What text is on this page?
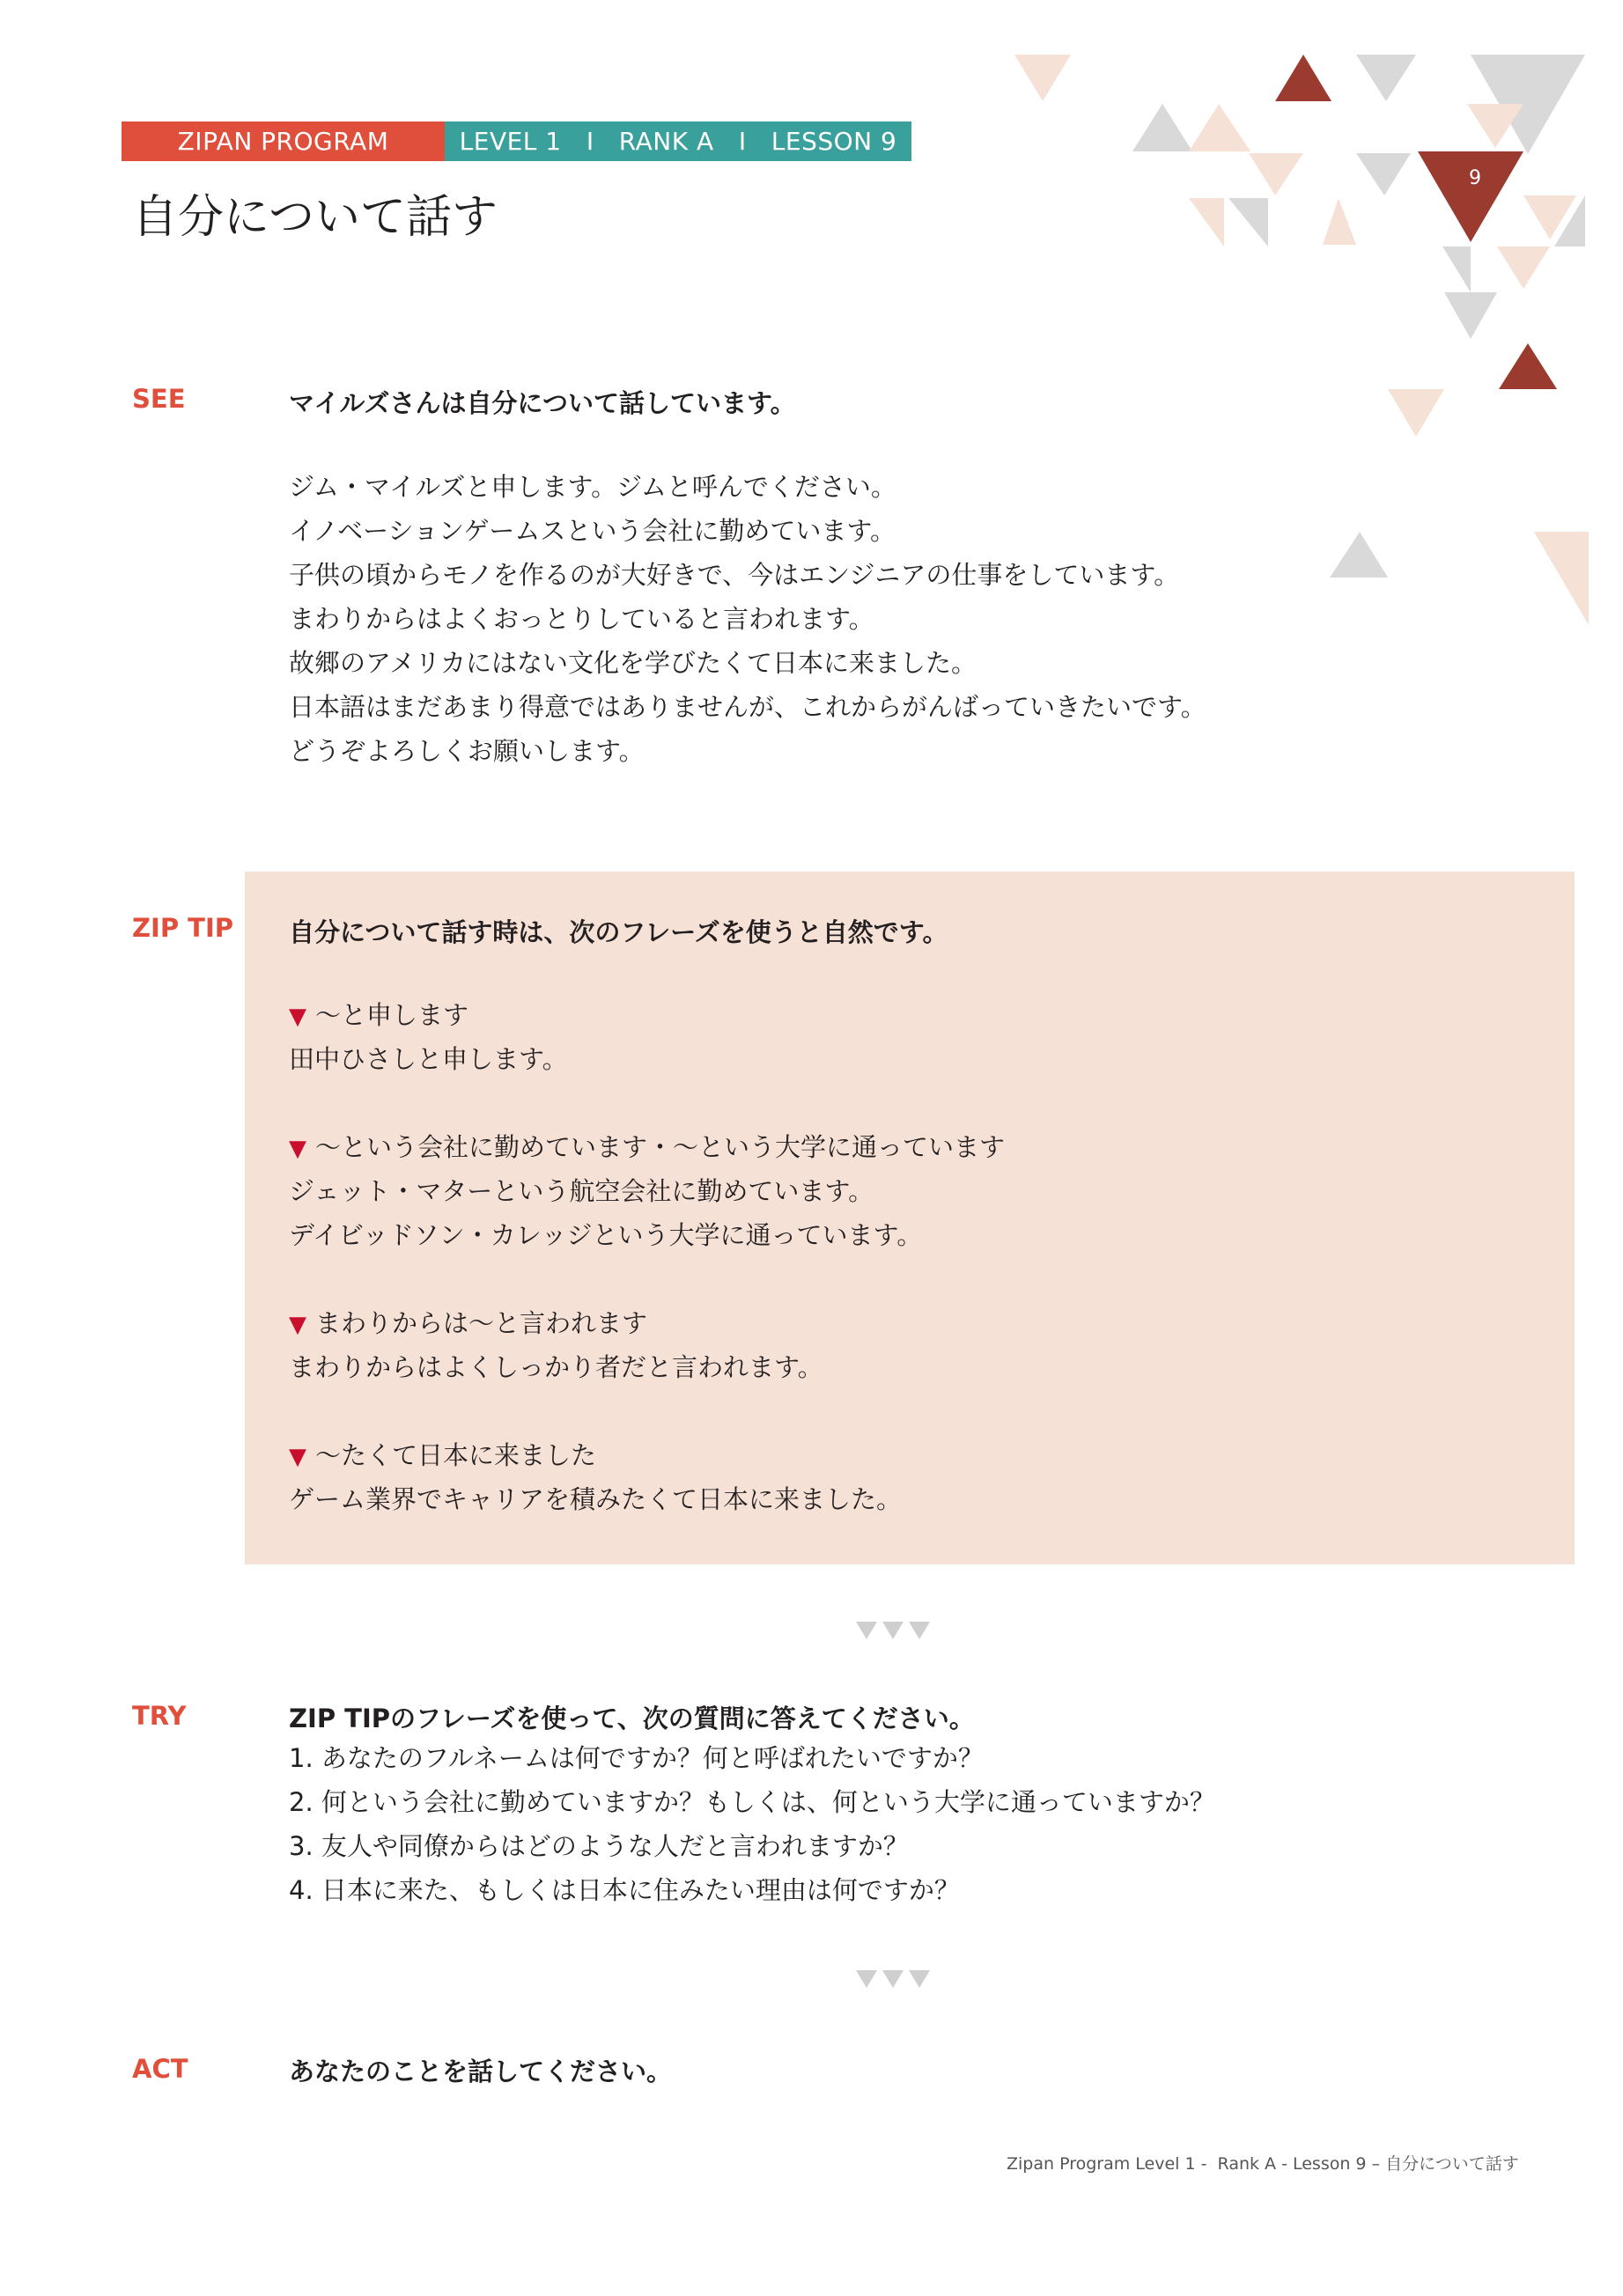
ZIPAN PROGRAM	LEVEL 1   I   RANK A   I   LESSON 9
自分について話す
9
SEE	マイルズさんは自分について話しています。
ジム・マイルズと申します。ジムと呼んでください。
イノベーションゲームスという会社に勤めています。
子供の頃からモノを作るのが大好きで、今はエンジニアの仕事をしています。
まわりからはよくおっとりしていると言われます。
故郷のアメリカにはない文化を学びたくて日本に来ました。
日本語はまだあまり得意ではありませんが、これからがんばっていきたいです。
どうぞよろしくお願いします。
ZIP TIP 自分について話す時は、次のフレーズを使うと自然です。
▼ 〜と申します
田中ひさしと申します。
▼ 〜という会社に勤めています・〜という大学に通っています
ジェット・マターという航空会社に勤めています。
デイビッドソン・カレッジという大学に通っています。
▼ まわりからは〜と言われます
まわりからはよくしっかり者だと言われます。
▼ 〜たくて日本に来ました
ゲーム業界でキャリアを積みたくて日本に来ました。
TRY	ZIP TIPのフレーズを使って、次の質問に答えてください。
1. あなたのフルネームは何ですか？何と呼ばれたいですか？
2. 何という会社に勤めていますか？もしくは、何という大学に通っていますか？
3. 友人や同僚からはどのような人だと言われますか？
4. 日本に来た、もしくは日本に住みたい理由は何ですか？
ACT	あなたのことを話してください。
Zipan Program Level 1 -  Rank A - Lesson 9 – 自分について話す
